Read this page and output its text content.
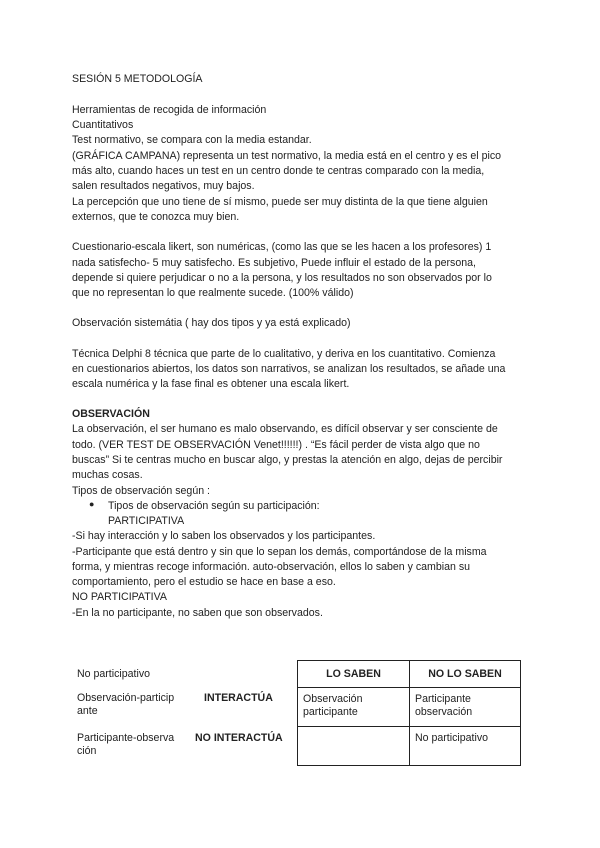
SESIÓN 5 METODOLOGÍA
Herramientas de recogida de información
Cuantitativos
Test normativo, se compara con la media estandar.
(GRÁFICA CAMPANA) representa un test normativo, la media está en el centro y es el pico
más alto, cuando haces un test en un centro donde te centras comparado con la media,
salen resultados negativos, muy bajos.
La percepción que uno tiene de sí mismo, puede ser muy distinta de la que tiene alguien
externos, que te conozca muy bien.
Cuestionario-escala likert, son numéricas, (como las que se les hacen a los profesores) 1
nada satisfecho- 5 muy satisfecho. Es subjetivo, Puede influir el estado de la persona,
depende si quiere perjudicar o no a la persona, y los resultados no son observados por lo
que no representan lo que realmente sucede. (100% válido)
Observación sistemátia ( hay dos tipos y ya está explicado)
Técnica Delphi 8 técnica que parte de lo cualitativo, y deriva en los cuantitativo. Comienza
en cuestionarios abiertos, los datos son narrativos, se analizan los resultados, se añade una
escala numérica y la fase final es obtener una escala likert.
OBSERVACIÓN
La observación, el ser humano es malo observando, es difícil observar y ser consciente de
todo. (VER TEST DE OBSERVACIÓN Venet!!!!!!) . “Es fácil perder de vista algo que no
buscas” Si te centras mucho en buscar algo, y prestas la atención en algo, dejas de percibir
muchas cosas.
Tipos de observación según :
● Tipos de observación según su participación:
PARTICIPATIVA
-Si hay interacción y lo saben los observados y los participantes.
-Participante que está dentro y sin que lo sepan los demás, comportándose de la misma
forma, y mientras recoge información. auto-observación, ellos lo saben y cambian su
comportamiento, pero el estudio se hace en base a eso.
NO PARTICIPATIVA
-En la no participante, no saben que son observados.
No participativo
Observación-particip
ante
INTERACTÚA
Participante-observa
ción
NO INTERACTÚA
LO SABEN	NO LO SABEN
Observación
participante
Participante
observación
No participativo
